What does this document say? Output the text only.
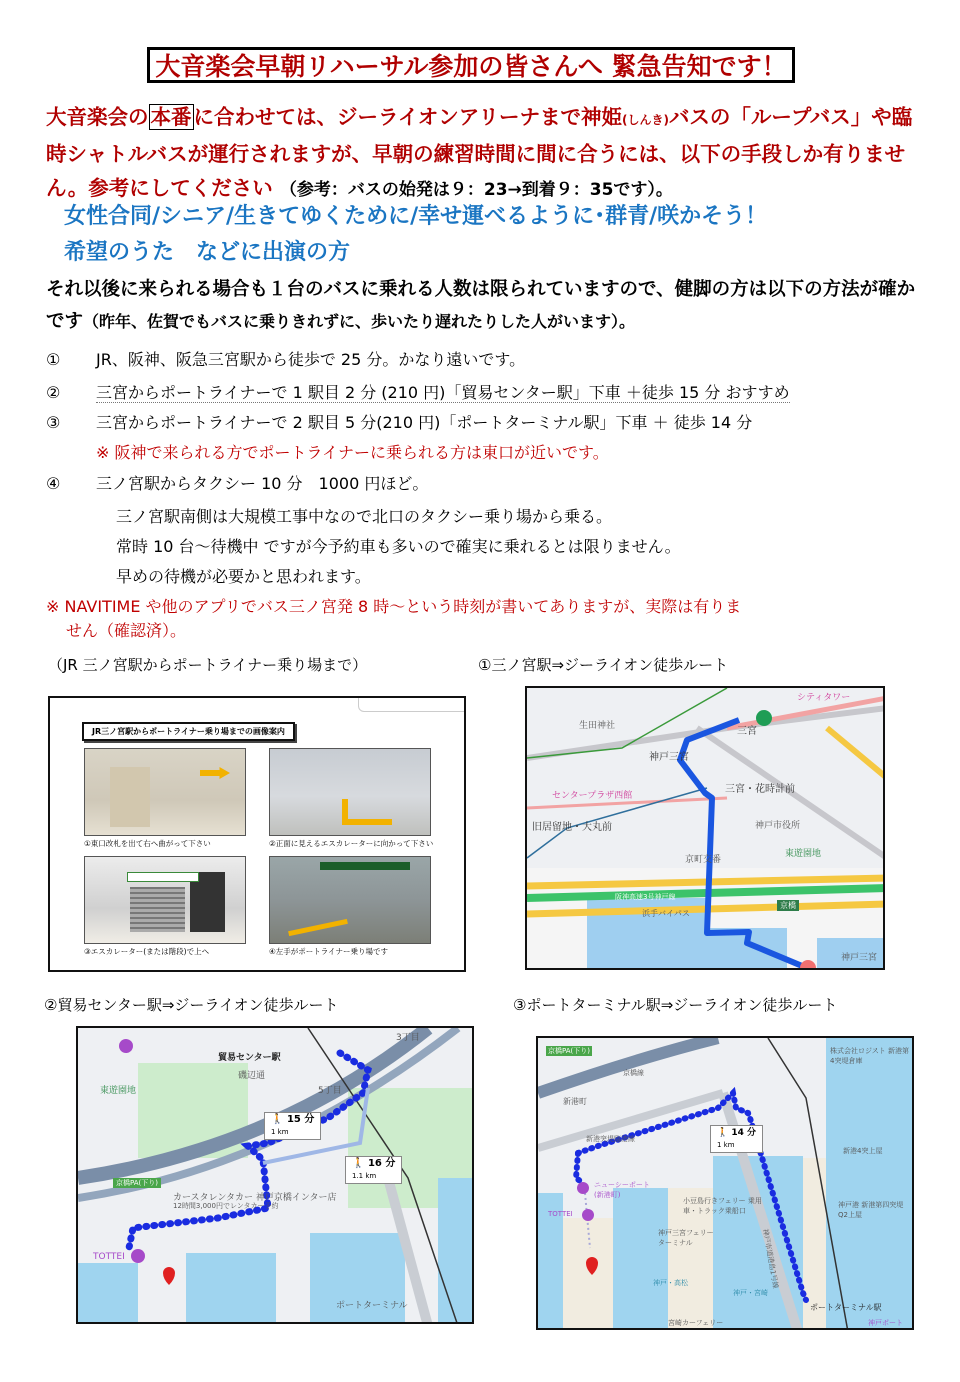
大音楽会早朝リハーサル参加の皆さんへ 緊急告知です！
大音楽会の本番に合わせては、ジーライオンアリーナまで神姫(しんき)バスの「ループバス」や臨時シャトルバスが運行されますが、早朝の練習時間に間に合うには、以下の手段しか有りません。参考にしてください （参考：バスの始発は９：23→到着９：35です）。
女性合同/シニア/生きてゆくために/幸せ運べるように･群青/咲かそう！
希望のうた　などに出演の方
それ以後に来られる場合も１台のバスに乗れる人数は限られていますので、健脚の方は以下の方法が確かです（昨年、佐賀でもバスに乗りきれずに、歩いたり遅れたりした人がいます）。
① JR、阪神、阪急三宮駅から徒歩で 25 分。かなり遠いです。
② 三宮からポートライナーで 1 駅目 2 分 (210 円)「貿易センター駅」下車 ＋徒歩 15 分 おすすめ
③ 三宮からポートライナーで 2 駅目 5 分(210 円)「ポートターミナル駅」下車 ＋ 徒歩 14 分
※ 阪神で来られる方でポートライナーに乗られる方は東口が近いです。
④ 三ノ宮駅からタクシー 10 分　1000 円ほど。
三ノ宮駅南側は大規模工事中なので北口のタクシー乗り場から乗る。
常時 10 台～待機中 ですが今予約車も多いので確実に乗れるとは限りません。
早めの待機が必要かと思われます。
※ NAVITIME や他のアプリでバス三ノ宮発 8 時～という時刻が書いてありますが、実際は有りま
せん（確認済）。
（JR 三ノ宮駅からポートライナー乗り場まで）	①三ノ宮駅⇒ジーライオン徒歩ルート
JR三ノ宮駅からポートライナー乗り場までの画像案内
①東口改札を出て右へ曲がって下さい	②正面に見えるエスカレーターに向かって下さい
③エスカレーター(または階段)で上へ	④左手がポートライナー乗り場です
生田神社	三宮
神戸三宮
三宮・花時計前
センタープラザ西館
旧居留地・大丸前	神戸市役所
東遊園地
京町交番
阪神高速3号神戸線
浜手バイパス
京橋
神戸三宮
シティタワー
②貿易センター駅⇒ジーライオン徒歩ルート	③ポートターミナル駅⇒ジーライオン徒歩ルート
貿易センター駅
磯辺通
5丁目
3丁目
東遊園地
京橋PA(下り)
カースタレンタカー 神戸京橋インター店
12時間3,000円でレンタカー予約
TOTTEI
ポートターミナル
🚶 15 分
1 km
🚶 16 分
1.1 km
京橋PA(下り)
京橋線
新港町
新港突堤臨港線
ニューシーポート(新港町)
TOTTEI
小豆島行きフェリー 乗用車・トラック乗船口
神戸三宮フェリーターミナル
株式会社ロジスト 新港第4突堤倉庫
新港4突上屋
神戸港 新港第四突堤Q2上屋
神戸市道港島1号線
ポートターミナル駅
宮崎カーフェリー
神戸・高松
神戸・宮崎
神戸ポート
🚶 14 分
1 km
